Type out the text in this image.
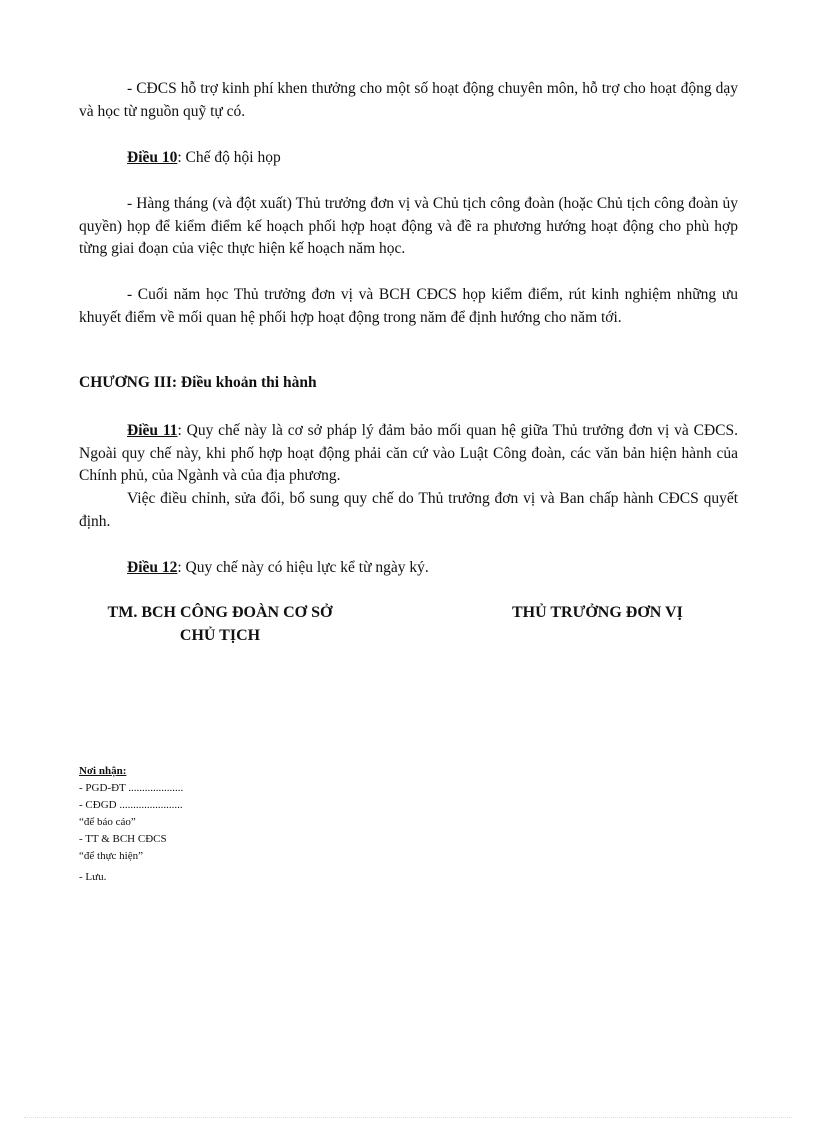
- CĐCS hỗ trợ kinh phí khen thưởng cho một số hoạt động chuyên môn, hỗ trợ cho hoạt động dạy và học từ nguồn quỹ tự có.

Điều 10: Chế độ hội họp

- Hàng tháng (và đột xuất) Thủ trưởng đơn vị và Chủ tịch công đoàn (hoặc Chủ tịch công đoàn ủy quyền) họp để kiểm điểm kế hoạch phối hợp hoạt động và đề ra phương hướng hoạt động cho phù hợp từng giai đoạn của việc thực hiện kế hoạch năm học.

- Cuối năm học Thủ trưởng đơn vị và BCH CĐCS họp kiểm điểm, rút kinh nghiệm những ưu khuyết điểm về mối quan hệ phối hợp hoạt động trong năm để định hướng cho năm tới.

CHƯƠNG III: Điều khoản thi hành

Điều 11: Quy chế này là cơ sở pháp lý đảm bảo mối quan hệ giữa Thủ trưởng đơn vị và CĐCS. Ngoài quy chế này, khi phố hợp hoạt động phải căn cứ vào Luật Công đoàn, các văn bản hiện hành của Chính phủ, của Ngành và của địa phương.

Việc điều chỉnh, sửa đổi, bổ sung quy chế do Thủ trưởng đơn vị và Ban chấp hành CĐCS quyết định.

Điều 12: Quy chế này có hiệu lực kể từ ngày ký.

TM. BCH CÔNG ĐOÀN CƠ SỞ
CHỦ TỊCH
THỦ TRƯỞNG ĐƠN VỊ
Nơi nhận:
- PGD-ĐT ....................
- CĐGD .......................
“để báo cáo”
- TT & BCH CĐCS
“để thực hiện”
- Lưu.
